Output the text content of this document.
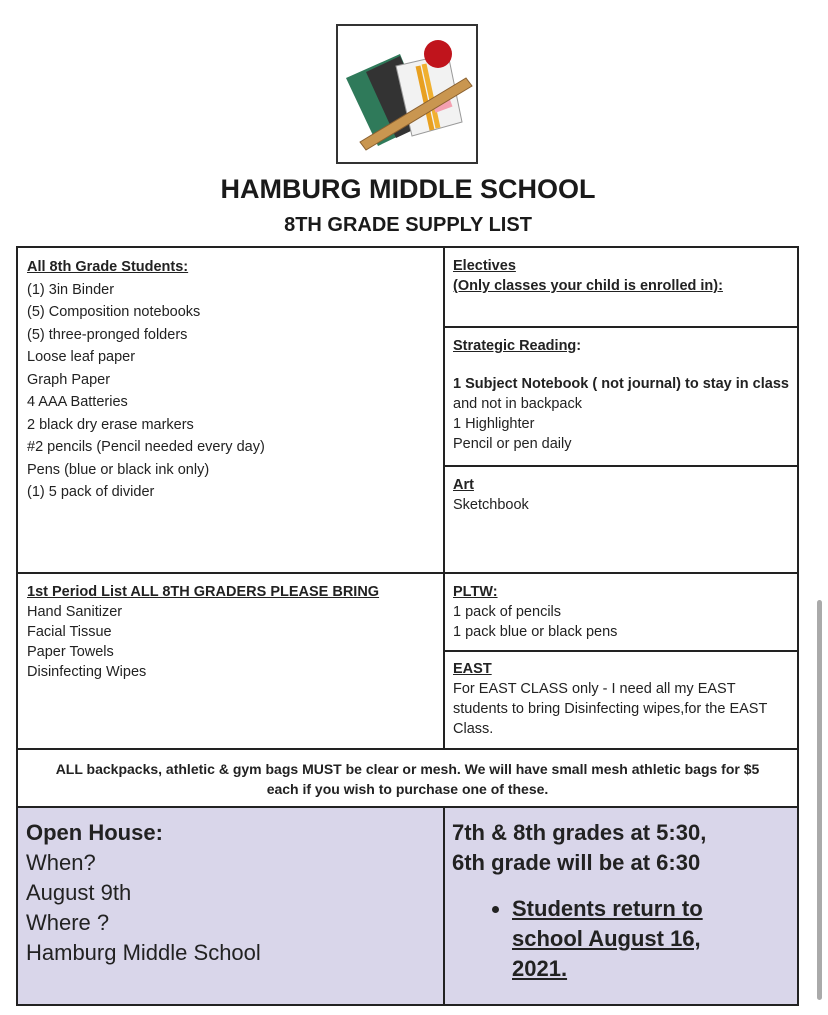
HAMBURG MIDDLE SCHOOL
8TH GRADE SUPPLY LIST
All 8th Grade Students:
(1) 3in Binder
(5) Composition notebooks
(5) three-pronged folders
Loose leaf paper
Graph Paper
4 AAA Batteries
2 black dry erase markers
#2 pencils (Pencil needed every day)
Pens (blue or black ink only)
(1) 5 pack of divider
Electives
(Only classes your child is enrolled in):
Strategic Reading:
1 Subject Notebook ( not journal) to stay in class and not in backpack
1 Highlighter
Pencil or pen daily
Art
Sketchbook
1st Period List ALL 8TH GRADERS PLEASE BRING
Hand Sanitizer
Facial Tissue
Paper Towels
Disinfecting Wipes
PLTW:
1 pack of pencils
1 pack blue or black pens
EAST
For EAST CLASS only - I need all my EAST students to bring Disinfecting wipes,for the EAST Class.
ALL backpacks, athletic & gym bags MUST be clear or mesh. We will have small mesh athletic bags for $5 each if you wish to purchase one of these.
Open House:
When?
August 9th
Where ?
Hamburg Middle School
7th & 8th grades at 5:30,
6th grade will be at 6:30
• Students return to school August 16, 2021.
